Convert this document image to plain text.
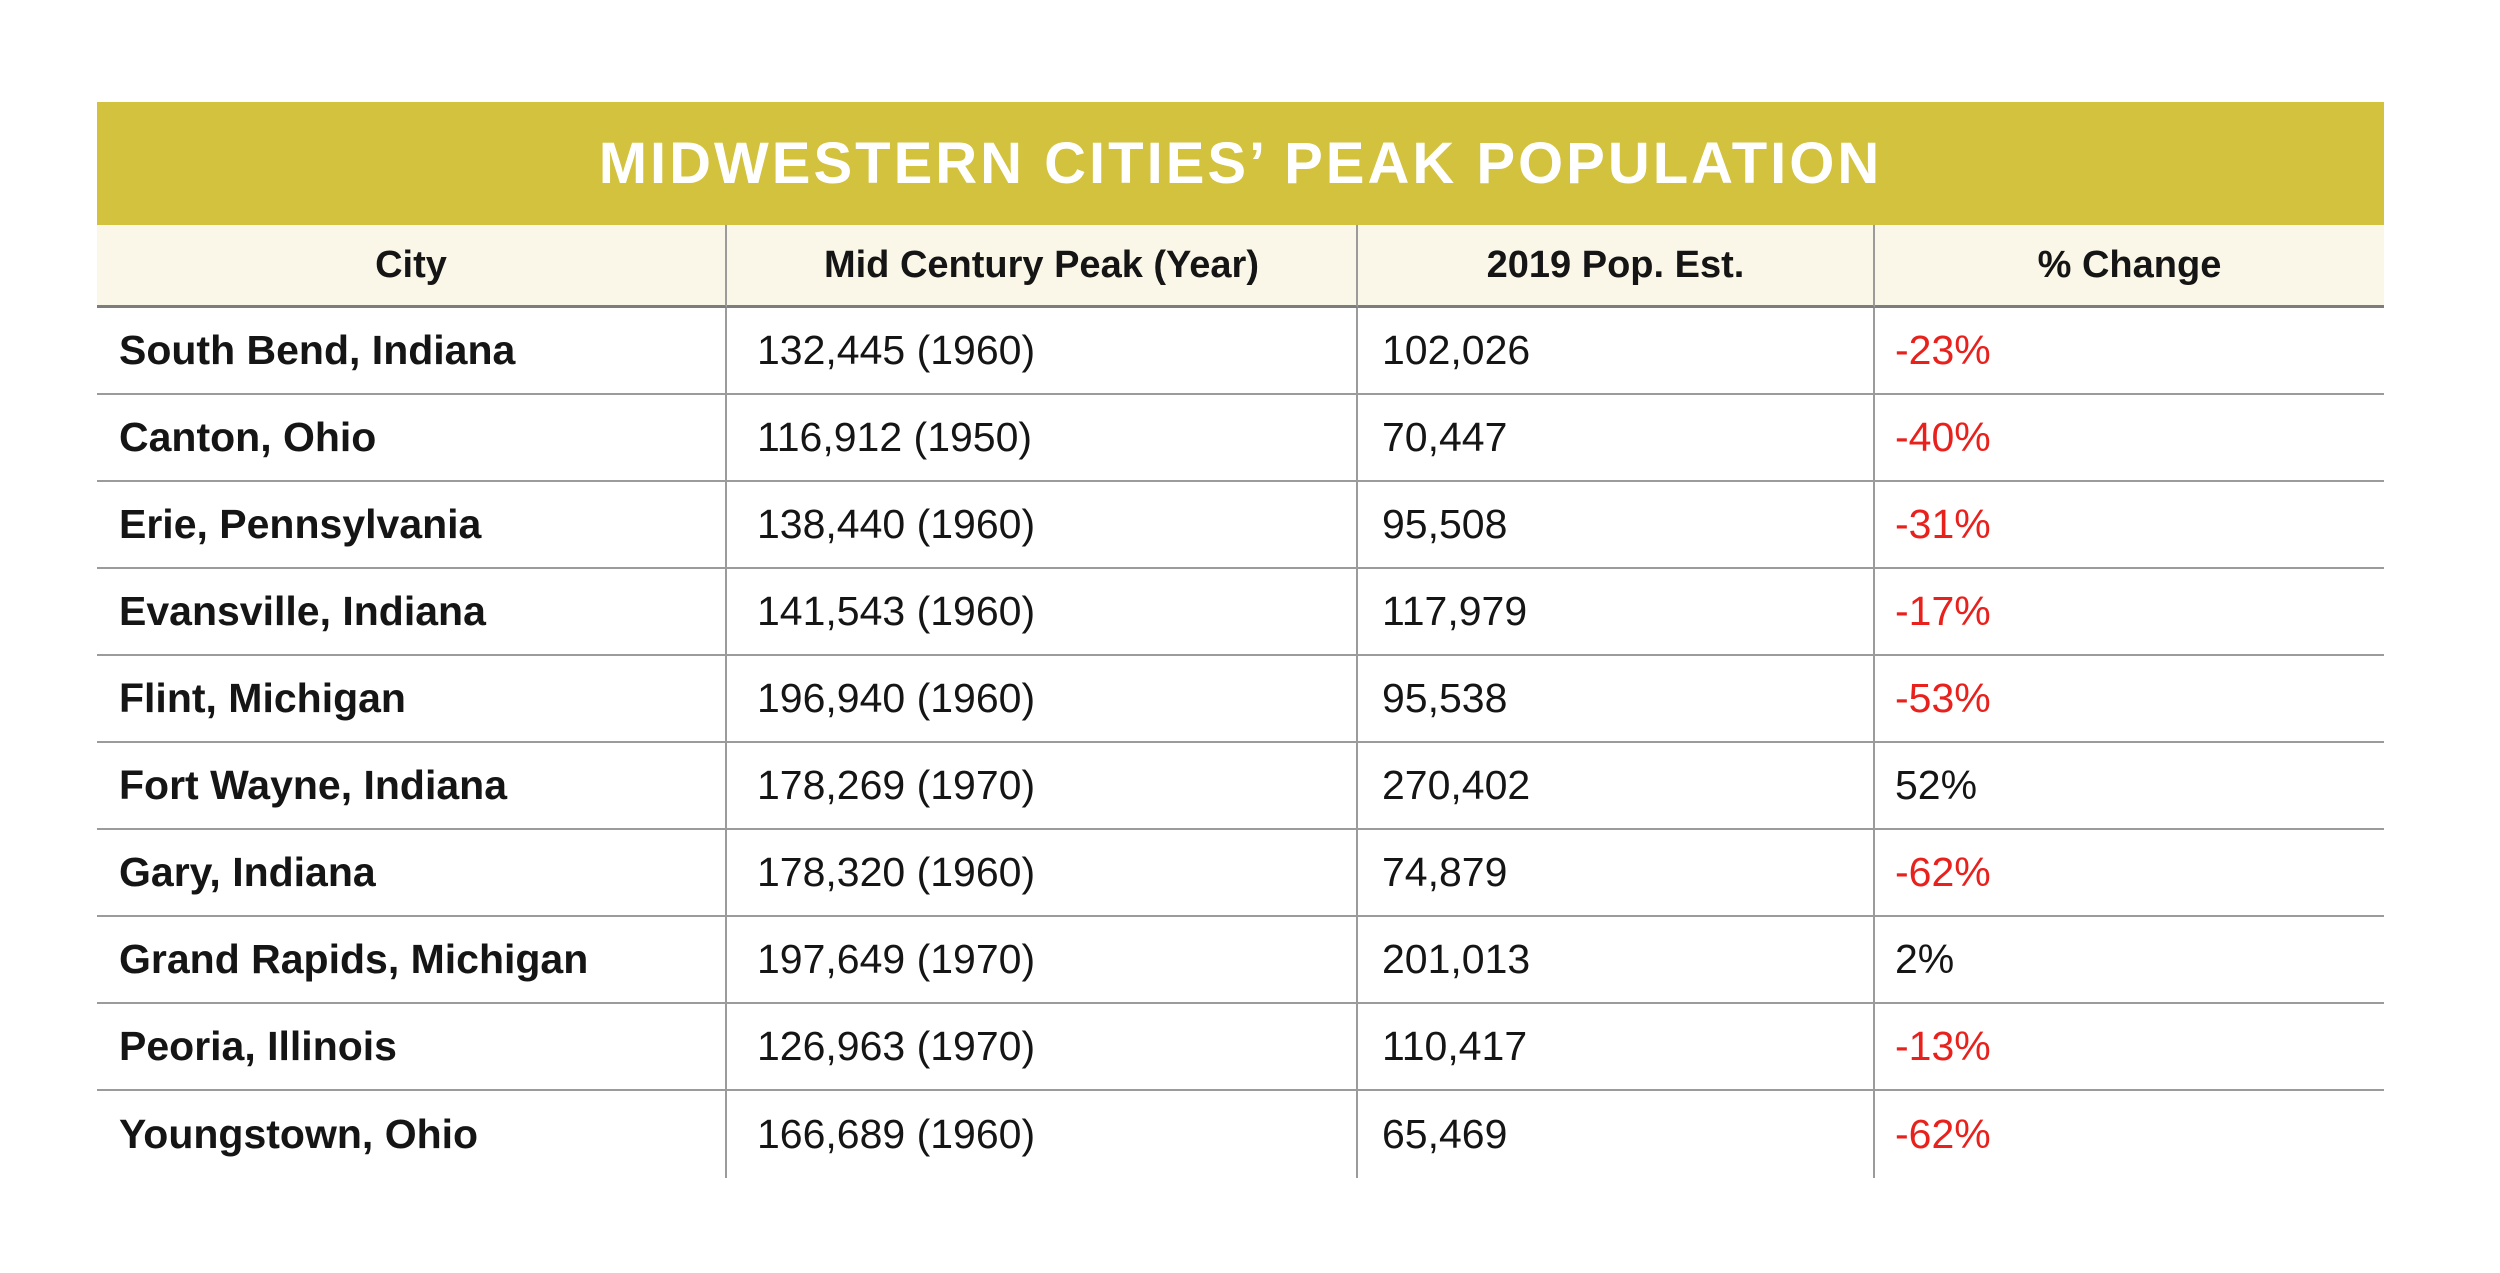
MIDWESTERN CITIES’ PEAK POPULATION
City	Mid Century Peak (Year)	2019 Pop. Est.	% Change
South Bend, Indiana	132,445 (1960)	102,026	-23%
Canton, Ohio	116,912 (1950)	70,447	-40%
Erie, Pennsylvania	138,440 (1960)	95,508	-31%
Evansville, Indiana	141,543 (1960)	117,979	-17%
Flint, Michigan	196,940 (1960)	95,538	-53%
Fort Wayne, Indiana	178,269 (1970)	270,402	52%
Gary, Indiana	178,320 (1960)	74,879	-62%
Grand Rapids, Michigan	197,649 (1970)	201,013	2%
Peoria, Illinois	126,963 (1970)	110,417	-13%
Youngstown, Ohio	166,689 (1960)	65,469	-62%
